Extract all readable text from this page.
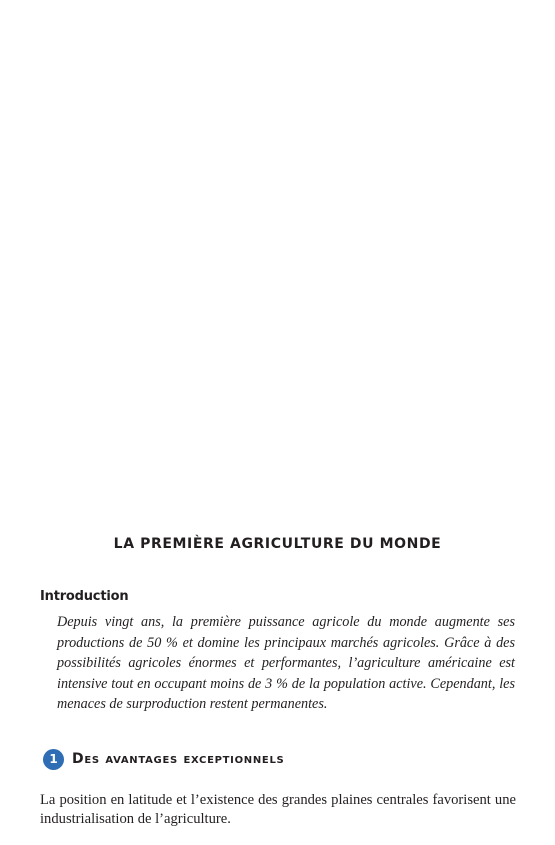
LA PREMIÈRE AGRICULTURE DU MONDE
Introduction
Depuis vingt ans, la première puissance agricole du monde augmente ses productions de 50 % et domine les principaux marchés agricoles. Grâce à des possibilités agricoles énormes et performantes, l’agriculture américaine est intensive tout en occupant moins de 3 % de la population active. Cependant, les menaces de surproduction restent permanentes.
1	Des avantages exceptionnels
La position en latitude et l’existence des grandes plaines centrales favorisent une industrialisation de l’agriculture.
